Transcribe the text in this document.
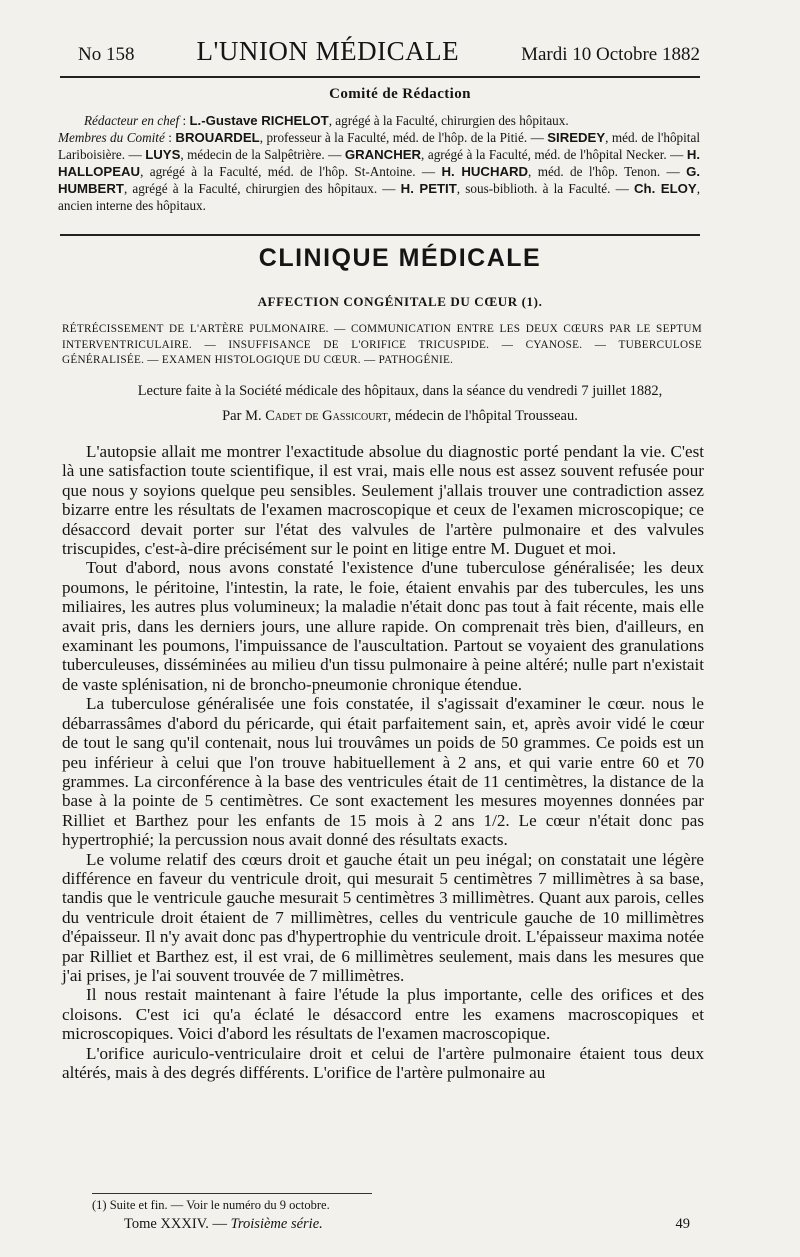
No 158 L'UNION MÉDICALE	Mardi 10 Octobre 1882
Comité de Rédaction

Rédacteur en chef : L.-Gustave RICHELOT, agrégé à la Faculté, chirurgien des hôpitaux.

Membres du Comité : BROUARDEL, professeur à la Faculté, méd. de l'hôp. de la Pitié. — SIREDEY, méd. de l'hôpital Lariboisière. — LUYS, médecin de la Salpêtrière. — GRANCHER, agrégé à la Faculté, méd. de l'hôpital Necker. — H. HALLOPEAU, agrégé à la Faculté, méd. de l'hôp. St-Antoine. — H. HUCHARD, méd. de l'hôp. Tenon. — G. HUMBERT, agrégé à la Faculté, chirurgien des hôpitaux. — H. PETIT, sous-biblioth. à la Faculté. — Ch. ELOY, ancien interne des hôpitaux.

CLINIQUE MÉDICALE
AFFECTION CONGÉNITALE DU CŒUR (1).
RÉTRÉCISSEMENT DE L'ARTÈRE PULMONAIRE. — COMMUNICATION ENTRE LES DEUX CŒURS PAR LE SEPTUM INTERVENTRICULAIRE. — INSUFFISANCE DE L'ORIFICE TRICUSPIDE. — CYANOSE. — TUBERCULOSE GÉNÉRALISÉE. — EXAMEN HISTOLOGIQUE DU CŒUR. — PATHOGÉNIE.
Lecture faite à la Société médicale des hôpitaux, dans la séance du vendredi 7 juillet 1882,
Par M. Cadet de Gassicourt, médecin de l'hôpital Trousseau.

L'autopsie allait me montrer l'exactitude absolue du diagnostic porté pendant la vie. C'est là une satisfaction toute scientifique, il est vrai, mais elle nous est assez souvent refusée pour que nous y soyions quelque peu sensibles. Seulement j'allais trouver une contradiction assez bizarre entre les résultats de l'examen macroscopique et ceux de l'examen microscopique; ce désaccord devait porter sur l'état des valvules de l'artère pulmonaire et des valvules triscupides, c'est-à-dire précisément sur le point en litige entre M. Duguet et moi.

Tout d'abord, nous avons constaté l'existence d'une tuberculose généralisée; les deux poumons, le péritoine, l'intestin, la rate, le foie, étaient envahis par des tubercules, les uns miliaires, les autres plus volumineux; la maladie n'était donc pas tout à fait récente, mais elle avait pris, dans les derniers jours, une allure rapide. On comprenait très bien, d'ailleurs, en examinant les poumons, l'impuissance de l'auscultation. Partout se voyaient des granulations tuberculeuses, disséminées au milieu d'un tissu pulmonaire à peine altéré; nulle part n'existait de vaste splénisation, ni de broncho-pneumonie chronique étendue.

La tuberculose généralisée une fois constatée, il s'agissait d'examiner le cœur. nous le débarrassâmes d'abord du péricarde, qui était parfaitement sain, et, après avoir vidé le cœur de tout le sang qu'il contenait, nous lui trouvâmes un poids de 50 grammes. Ce poids est un peu inférieur à celui que l'on trouve habituellement à 2 ans, et qui varie entre 60 et 70 grammes. La circonférence à la base des ventricules était de 11 centimètres, la distance de la base à la pointe de 5 centimètres. Ce sont exactement les mesures moyennes données par Rilliet et Barthez pour les enfants de 15 mois à 2 ans 1/2. Le cœur n'était donc pas hypertrophié; la percussion nous avait donné des résultats exacts.

Le volume relatif des cœurs droit et gauche était un peu inégal; on constatait une légère différence en faveur du ventricule droit, qui mesurait 5 centimètres 7 millimètres à sa base, tandis que le ventricule gauche mesurait 5 centimètres 3 millimètres. Quant aux parois, celles du ventricule droit étaient de 7 millimètres, celles du ventricule gauche de 10 millimètres d'épaisseur. Il n'y avait donc pas d'hypertrophie du ventricule droit. L'épaisseur maxima notée par Rilliet et Barthez est, il est vrai, de 6 millimètres seulement, mais dans les mesures que j'ai prises, je l'ai souvent trouvée de 7 millimètres.

Il nous restait maintenant à faire l'étude la plus importante, celle des orifices et des cloisons. C'est ici qu'a éclaté le désaccord entre les examens macroscopiques et microscopiques. Voici d'abord les résultats de l'examen macroscopique.

L'orifice auriculo-ventriculaire droit et celui de l'artère pulmonaire étaient tous deux altérés, mais à des degrés différents. L'orifice de l'artère pulmonaire au

(1) Suite et fin. — Voir le numéro du 9 octobre.
Tome XXXIV. — Troisième série.	49
